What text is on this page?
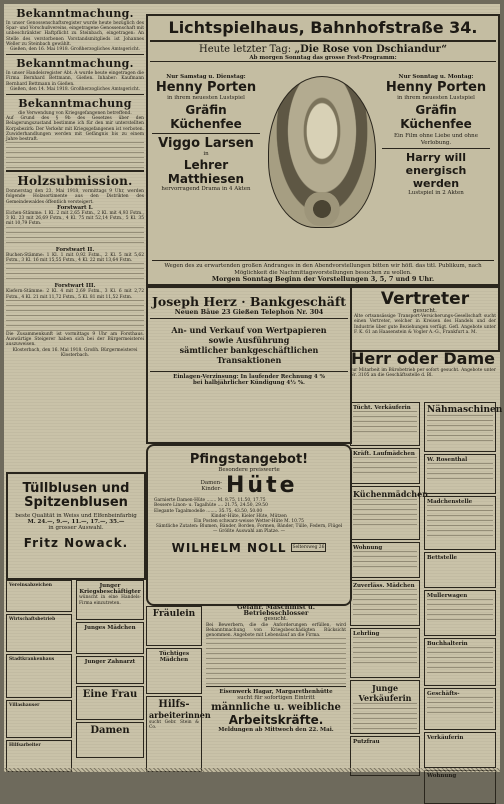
Bekanntmachung.
In unser Genossenschaftsregister wurde heute bezüglich des Spar- und Vorschußvereins, eingetragene Genossenschaft mit unbeschränkter Haftpflicht zu Steinbach, eingetragen: An Stelle des verstorbenen Vorstandsmitglieds ist Johannes Weller zu Steinbach gewählt.
Gießen, den 16. Mai 1918. Großherzogliches Amtsgericht.
Bekanntmachung.
In unser Handelsregister Abt. A wurde heute eingetragen die Firma Bernhard Bettmann, Gießen. Inhaber: Kaufmann Bernhard Bettmann in Gießen.
Gießen, den 14. Mai 1918. Großherzogliches Amtsgericht.
Bekanntmachung
die Verwendung von Kriegsgefangenen betreffend.
Auf Grund des § 9b des Gesetzes über den Belagerungszustand bestimme ich für den mir unterstellten Korpsbezirk: Der Verkehr mit Kriegsgefangenen ist verboten. Zuwiderhandlungen werden mit Gefängnis bis zu einem Jahre bestraft.
Holzsubmission.
Donnerstag den 23. Mai 1918, vormittags 9 Uhr, werden folgende Holzsortimente aus den Distrikten des Gemeindewaldes öffentlich versteigert.
Forstwart I.
Eichen-Stämme: 1 Kl. 2 mit 2,65 Fstm., 2 Kl. mit 4,93 Fstm., 3 Kl. 23 mit 26,69 Fstm., 4 Kl. 75 mit 52,14 Fstm., 5 Kl. 35 mit 10,79 Fstm.
Forstwart II.
Buchen-Stämme: 1 Kl. 1 mit 0,92 Fstm., 2 Kl. 5 mit 5,62 Fstm., 3 Kl. 16 mit 15,55 Fstm., 4 Kl. 22 mit 13,64 Fstm.
Forstwart III.
Kiefern-Stämme: 2 Kl. 4 mit 2,69 Fstm., 3 Kl. 6 mit 2,72 Fstm., 4 Kl. 21 mit 11,72 Fstm., 5 Kl. 81 mit 11,52 Fstm.
Die Zusammenkunft ist vormittags 9 Uhr am Forsthaus. Auswärtige Steigerer haben sich bei der Bürgermeisterei auszuweisen.
Klosterbach, den 16. Mai 1918. Großh. Bürgermeisterei Klosterbach.
Tüllblusen und
Spitzenblusen
beste Qualität in Weiss und Elfenbeinfarbig
M. 24.—, 9.—, 11.—, 17.—, 35.—
in grosser Auswahl.
Fritz Nowack.
Vereinsabzeichen
Wirtschaftsbetrieb
Stadtkrankenhaus
Villashauser
Hilfsarbeiter
Junger Kriegsbeschäftigter
wünscht in eine Handels-Firma einzutreten.
Junges Mädchen
Junger Zahnarzt
Eine Frau
Damen
Lichtspielhaus, Bahnhofstraße 34.
Heute letzter Tag: „Die Rose von Dschiandur“
Ab morgen Sonntag das grosse Fest-Programm:
Nur Samstag u. Dienstag:
Henny Porten
in ihrem neuesten Lustspiel
Gräfin Küchenfee
Viggo Larsen
in
Lehrer Matthiesen
hervorragend Drama in 4 Akten
Nur Sonntag u. Montag:
Henny Porten
in ihrem neuesten Lustspiel
Gräfin Küchenfee
Ein Film ohne Liebe und ohne Verlobung.
Harry will energisch werden
Lustspiel in 2 Akten
Wegen des zu erwartenden großen Andranges in den Abendvorstellungen bitten wir höfl. das titl. Publikum, nach Möglichkeit die Nachmittagsvorstellungen besuchen zu wollen.
Morgen Sonntag Beginn der Vorstellungen 3, 5, 7 und 9 Uhr.
Joseph Herz · Bankgeschäft
Neuen Bäue 23 Gießen Telephon Nr. 304
An- und Verkauf von Wertpapieren
sowie Ausführung
sämtlicher bankgeschäftlichen
Transaktionen
Einlagen-Verzinsung: In laufender Rechnung 4 %
bei halbjährlicher Kündigung 4½ %.
Vertreter
gesucht.
Alte ortsansässige Transport-Versicherungs-Gesellschaft sucht einen Vertreter, welcher in Kreisen des Handels und der Industrie über gute Beziehungen verfügt. Gefl. Angebote unter F. K. 61 an Haasenstein & Vogler A.-G., Frankfurt a. M.
Herr oder Dame
zur Mitarbeit im Bürobetrieb per sofort gesucht. Angebote unter Nr. 3105 an die Geschäftsstelle d. Bl.
Pfingstangebot!
Besondere preiswerte
Damen-
Kinder- Hüte
Garnierte Damen-Hüte ....... M. 8.75, 11.50, 17.75
Bessere Linon- u. Tagalhüte .... 21.75, 24.50, 29.50
Elegante Tagalmodelle ........ 35.75, 43.50, 50.00
Kinder-Hüte, Kieler Hüte, Mützen
Ein Posten schwarz-weisse Wetter-Hüte M. 10.75
Sämtliche Zutaten: Blumen, Bänder, Borden, Formen, Bänder, Tülle, Federn, Flügel
— Größte Auswahl am Platze. —
WILHELM NOLL	Seltersweg 26
Fräulein
Tüchtiges Mädchen
Hilfs-
arbeiterinnen
sucht Gebr. Stein & Co.
Gefahr. Maschinist u. Betriebsschlosser
gesucht.
Bei Bewerbern, die die Anforderungen erfüllen, wird Bekanntmachung von Kriegsbeschädigten Rücksicht genommen. Angebote mit Lebenslauf an die Firma.
Eisenwerk Hagar, Margarethenhütte
sucht für sofortigen Eintritt
männliche u. weibliche
Arbeitskräfte.
Meldungen ab Mittwoch den 22. Mai.
Tücht. Verkäuferin
Kräft. Laufmädchen
Küchenmädchen
Wohnung
Zuverläss. Mädchen
Lehrling
Junge Verkäuferin
Putzfrau
Nähmaschinen
W. Rosenthal
Madchenstelle
Bettstelle
Mullerwagen
Buchhalterin
Geschäfts-
Verkäuferin
Wohnung
